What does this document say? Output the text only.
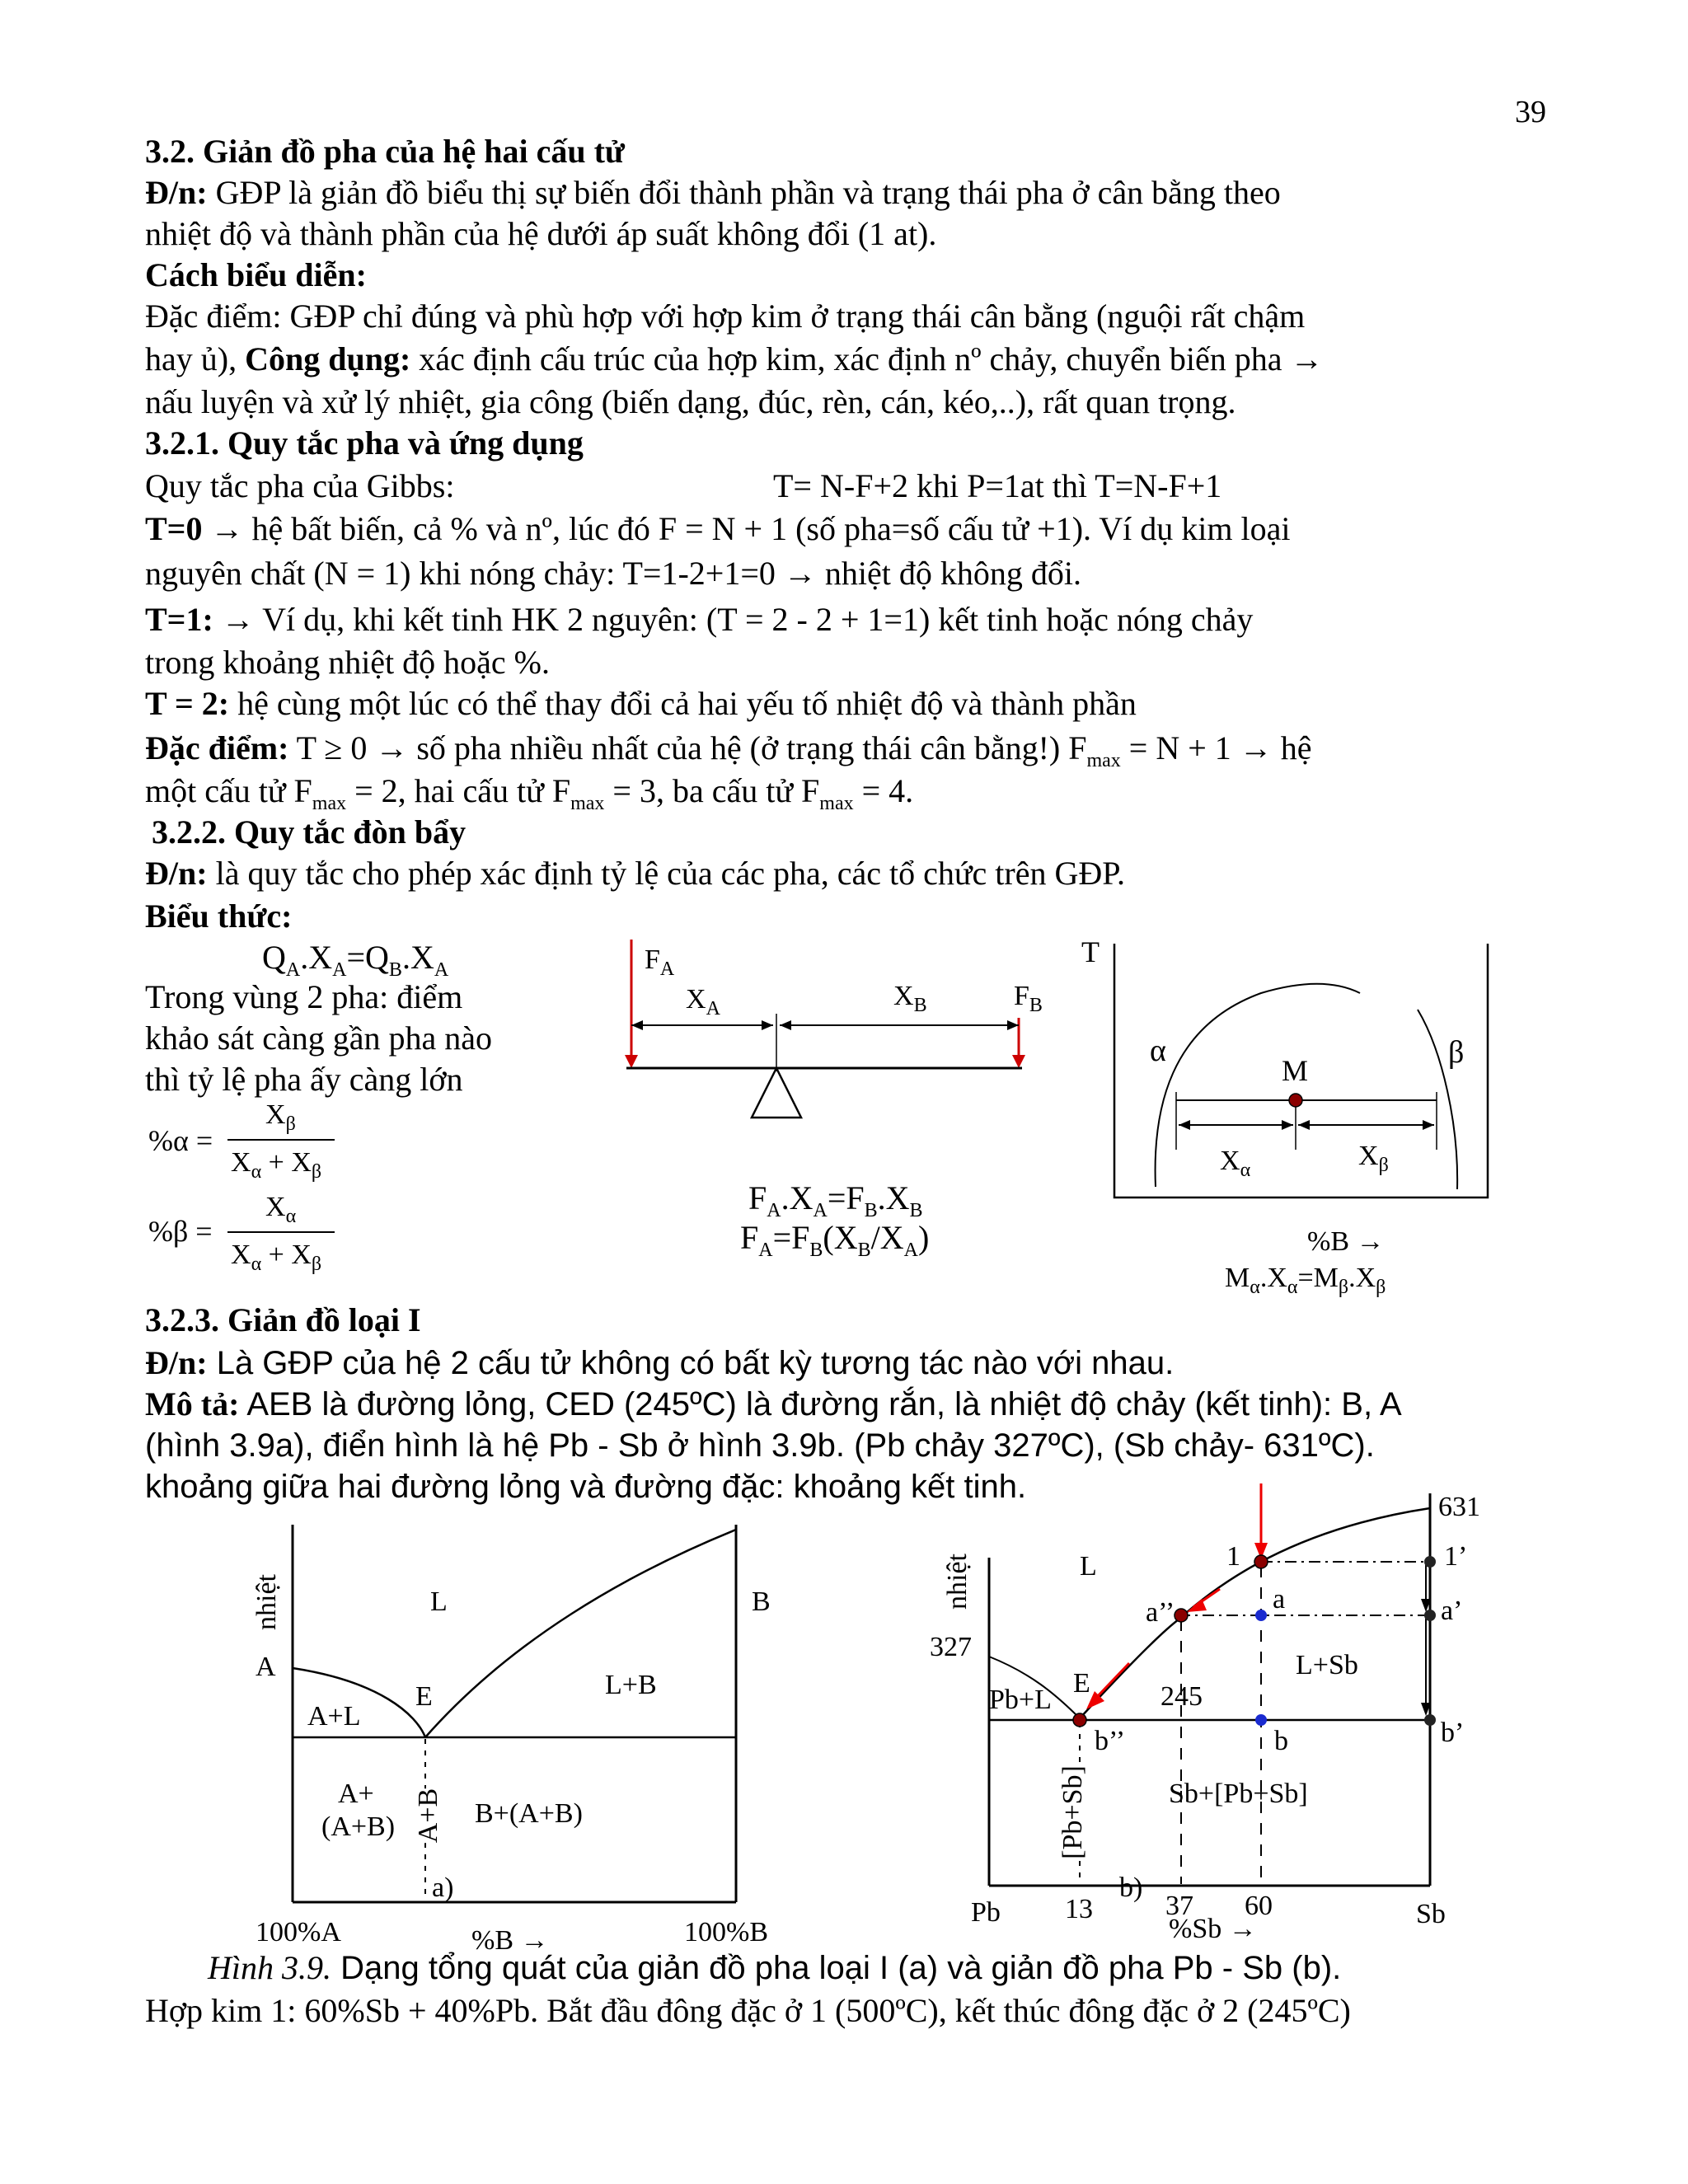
39
3.2. Giản đồ pha của hệ hai cấu tử
Đ/n: GĐP là giản đồ biểu thị sự biến đổi thành phần và trạng thái pha ở cân bằng theo
nhiệt độ và thành phần của hệ dưới áp suất không đổi (1 at).
Cách biểu diễn:
Đặc điểm: GĐP chỉ đúng và phù hợp với hợp kim ở trạng thái cân bằng (nguội rất chậm
hay ủ), Công dụng: xác định cấu trúc của hợp kim, xác định nº chảy, chuyển biến pha →
nấu luyện và xử lý nhiệt, gia công (biến dạng, đúc, rèn, cán, kéo,..), rất quan trọng.
3.2.1. Quy tắc pha và ứng dụng
Quy tắc pha của Gibbs:	T= N-F+2 khi P=1at thì T=N-F+1
T=0 → hệ bất biến, cả % và nº, lúc đó F = N + 1 (số pha=số cấu tử +1). Ví dụ kim loại
nguyên chất (N = 1) khi nóng chảy: T=1-2+1=0 → nhiệt độ không đổi.
T=1: → Ví dụ, khi kết tinh HK 2 nguyên: (T = 2 - 2 + 1=1) kết tinh hoặc nóng chảy
trong khoảng nhiệt độ hoặc %.
T = 2: hệ cùng một lúc có thể thay đổi cả hai yếu tố nhiệt độ và thành phần
Đặc điểm: T ≥ 0 → số pha nhiều nhất của hệ (ở trạng thái cân bằng!) $F_{max} = N + 1$ → hệ
một cấu tử $F_{max} = 2$, hai cấu tử $F_{max} = 3$, ba cấu tử $F_{max} = 4$.
3.2.2. Quy tắc đòn bẩy
Đ/n: là quy tắc cho phép xác định tỷ lệ của các pha, các tổ chức trên GĐP.
Biểu thức:
$Q_A.X_A=Q_B.X_A$
Trong vùng 2 pha: điểm
khảo sát càng gần pha nào
thì tỷ lệ pha ấy càng lớn
%α =
$X_\beta$
$X_\alpha + X_\beta$
%β =
$X_\alpha$
$X_\alpha + X_\beta$
$F_A$
$X_A$	$X_B$	$F_B$
$F_A.X_A=F_B.X_B$
$F_A=F_B(X_B/X_A)$
T
α
M
β
$X_\alpha$	$X_\beta$
%B →
$M_\alpha.X_\alpha=M_\beta.X_\beta$
3.2.3. Giản đồ loại I
Đ/n: Là GĐP của hệ 2 cấu tử không có bất kỳ tương tác nào với nhau.
Mô tả: AEB là đường lỏng, CED (245ºC) là đường rắn, là nhiệt độ chảy (kết tinh): B, A
(hình 3.9a), điển hình là hệ Pb - Sb ở hình 3.9b. (Pb chảy 327ºC), (Sb chảy- 631ºC).
khoảng giữa hai đường lỏng và đường đặc: khoảng kết tinh.
nhiệt	L	B
A
E	L+B
A+L
A+
(A+B) A+B B+(A+B)
a)
100%A	%B →	100%B
nhiệt	L
327
631
1	1’
a
a’’	a’
E
L+Sb
Pb+L	245
b’’	b	b’
[Pb+Sb]	Sb+[Pb+Sb]
Pb 13
b)
37 60	Sb
%Sb →
Hình 3.9. Dạng tổng quát của giản đồ pha loại I (a) và giản đồ pha Pb - Sb (b).
Hợp kim 1: 60%Sb + 40%Pb. Bắt đầu đông đặc ở 1 (500ºC), kết thúc đông đặc ở 2 (245ºC)
